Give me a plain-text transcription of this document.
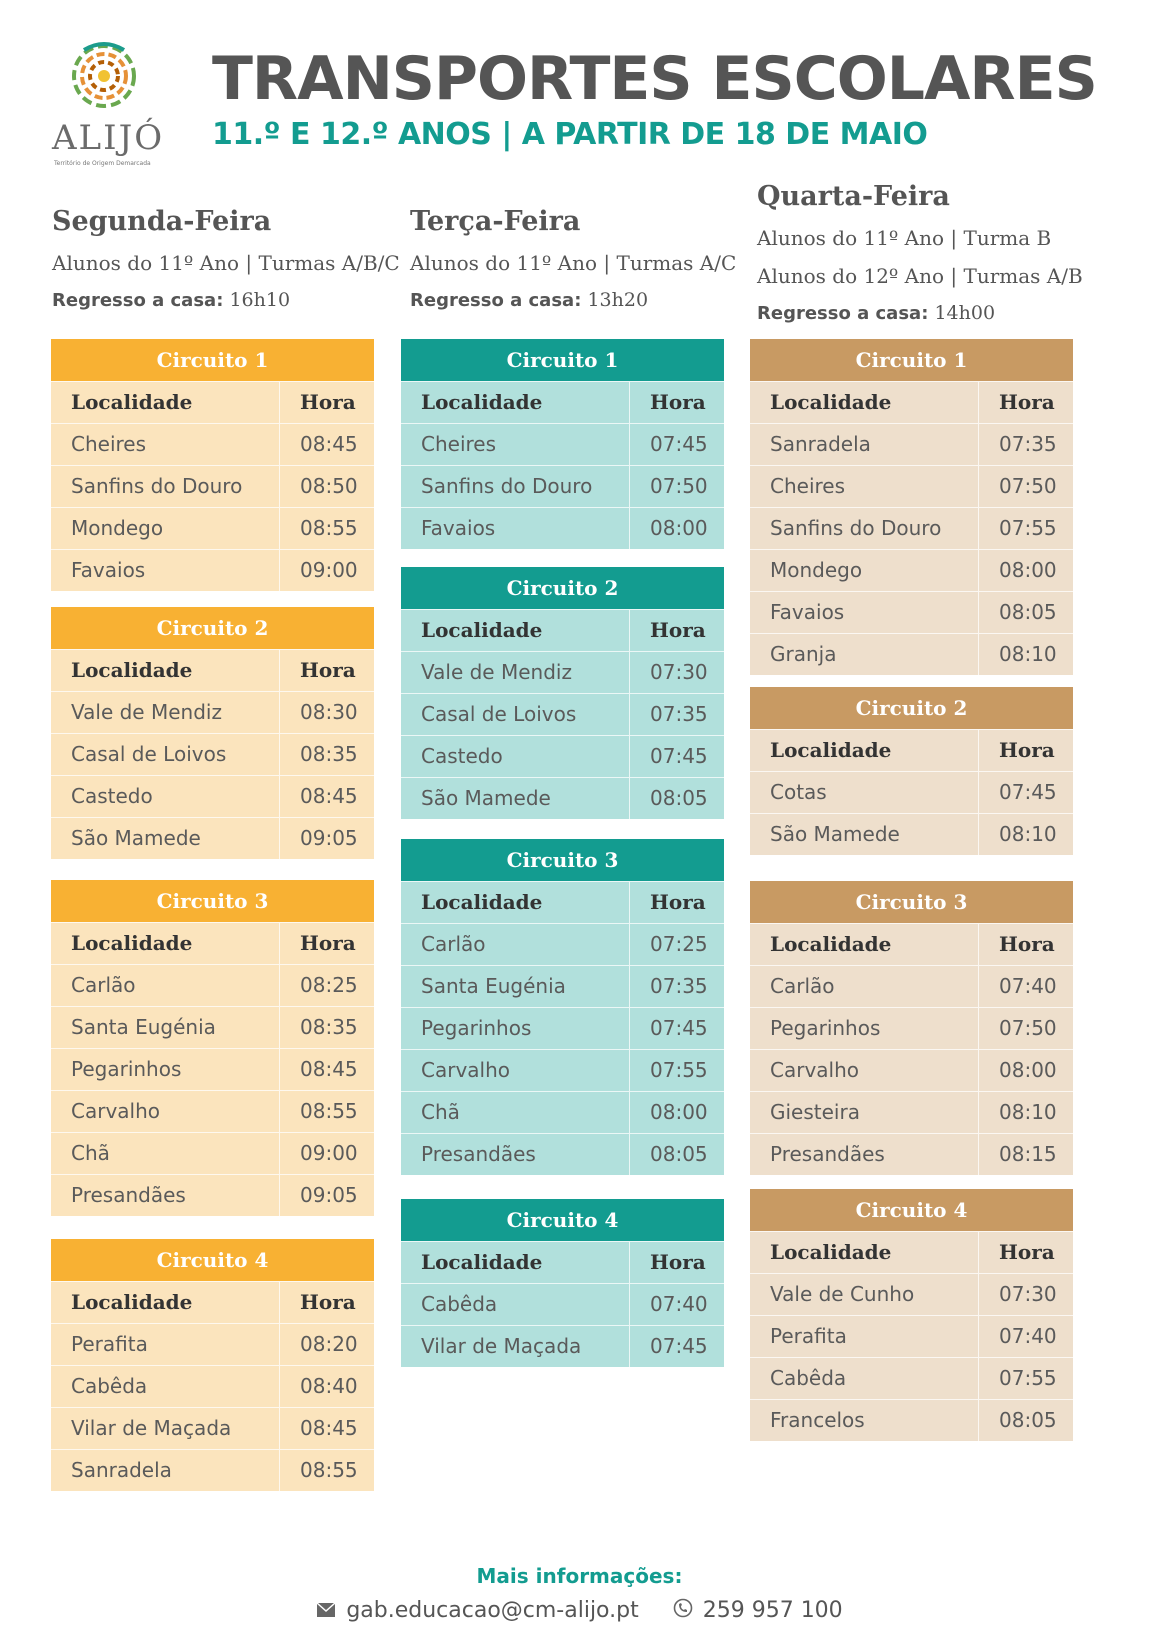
ALIJÓ
Território de Origem Demarcada
TRANSPORTES ESCOLARES
11.º E 12.º ANOS | A PARTIR DE 18 DE MAIO
Segunda-Feira
Alunos do 11º Ano | Turmas A/B/C
Regresso a casa: 16h10
Terça-Feira
Alunos do 11º Ano | Turmas A/C
Regresso a casa: 13h20
Quarta-Feira
Alunos do 11º Ano | Turma B
Alunos do 12º Ano | Turmas A/B
Regresso a casa: 14h00
Circuito 1
Localidade	Hora
Cheires	08:45
Sanfins do Douro	08:50
Mondego	08:55
Favaios	09:00
Circuito 2
Localidade	Hora
Vale de Mendiz	08:30
Casal de Loivos	08:35
Castedo	08:45
São Mamede	09:05
Circuito 3
Localidade	Hora
Carlão	08:25
Santa Eugénia	08:35
Pegarinhos	08:45
Carvalho	08:55
Chã	09:00
Presandães	09:05
Circuito 4
Localidade	Hora
Perafita	08:20
Cabêda	08:40
Vilar de Maçada	08:45
Sanradela	08:55
Circuito 1
Localidade	Hora
Cheires	07:45
Sanfins do Douro	07:50
Favaios	08:00
Circuito 2
Localidade	Hora
Vale de Mendiz	07:30
Casal de Loivos	07:35
Castedo	07:45
São Mamede	08:05
Circuito 3
Localidade	Hora
Carlão	07:25
Santa Eugénia	07:35
Pegarinhos	07:45
Carvalho	07:55
Chã	08:00
Presandães	08:05
Circuito 4
Localidade	Hora
Cabêda	07:40
Vilar de Maçada	07:45
Circuito 1
Localidade	Hora
Sanradela	07:35
Cheires	07:50
Sanfins do Douro	07:55
Mondego	08:00
Favaios	08:05
Granja	08:10
Circuito 2
Localidade	Hora
Cotas	07:45
São Mamede	08:10
Circuito 3
Localidade	Hora
Carlão	07:40
Pegarinhos	07:50
Carvalho	08:00
Giesteira	08:10
Presandães	08:15
Circuito 4
Localidade	Hora
Vale de Cunho	07:30
Perafita	07:40
Cabêda	07:55
Francelos	08:05
Mais informações:
gab.educacao@cm-alijo.pt	259 957 100
